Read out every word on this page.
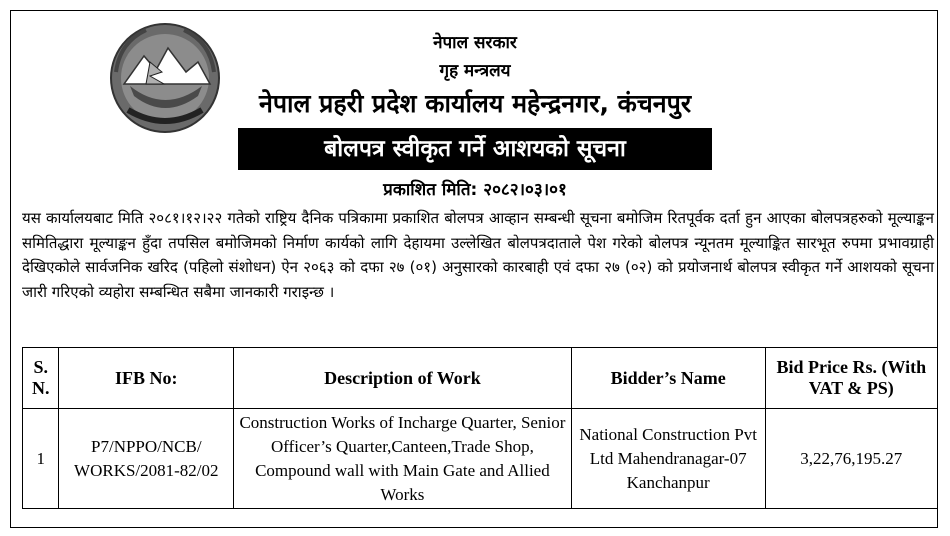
नेपाल सरकार
गृह मन्त्रलय
नेपाल प्रहरी प्रदेश कार्यालय महेन्द्रनगर, कंचनपुर
बोलपत्र स्वीकृत गर्ने आशयको सूचना
प्रकाशित मिति: २०८२।०३।०१
यस कार्यालयबाट मिति २०८१।१२।२२ गतेको राष्ट्रिय दैनिक पत्रिकामा प्रकाशित बोलपत्र आव्हान सम्बन्धी सूचना बमोजिम रितपूर्वक दर्ता हुन आएका बोलपत्रहरुको मूल्याङ्कन समितिद्धारा मूल्याङ्कन हुँदा तपसिल बमोजिमको निर्माण कार्यको लागि देहायमा उल्लेखित बोलपत्रदाताले पेश गरेको बोलपत्र न्यूनतम मूल्याङ्कित सारभूत रुपमा प्रभावग्राही देखिएकोले सार्वजनिक खरिद (पहिलो संशोधन) ऐन २०६३ को दफा २७ (०१) अनुसारको कारबाही एवं दफा २७ (०२) को प्रयोजनार्थ बोलपत्र स्वीकृत गर्ने आशयको सूचना जारी गरिएको व्यहोरा सम्बन्धित सबैमा जानकारी गराइन्छ ।
S. N.	IFB No:	Description of Work	Bidder’s Name	Bid Price Rs. (With VAT & PS)
1	P7/NPPO/NCB/ WORKS/2081-82/02	Construction Works of Incharge Quarter, Senior Officer’s Quarter,Canteen,Trade Shop, Compound wall with Main Gate and Allied Works	National Construction Pvt Ltd Mahendranagar-07 Kanchanpur	3,22,76,195.27
